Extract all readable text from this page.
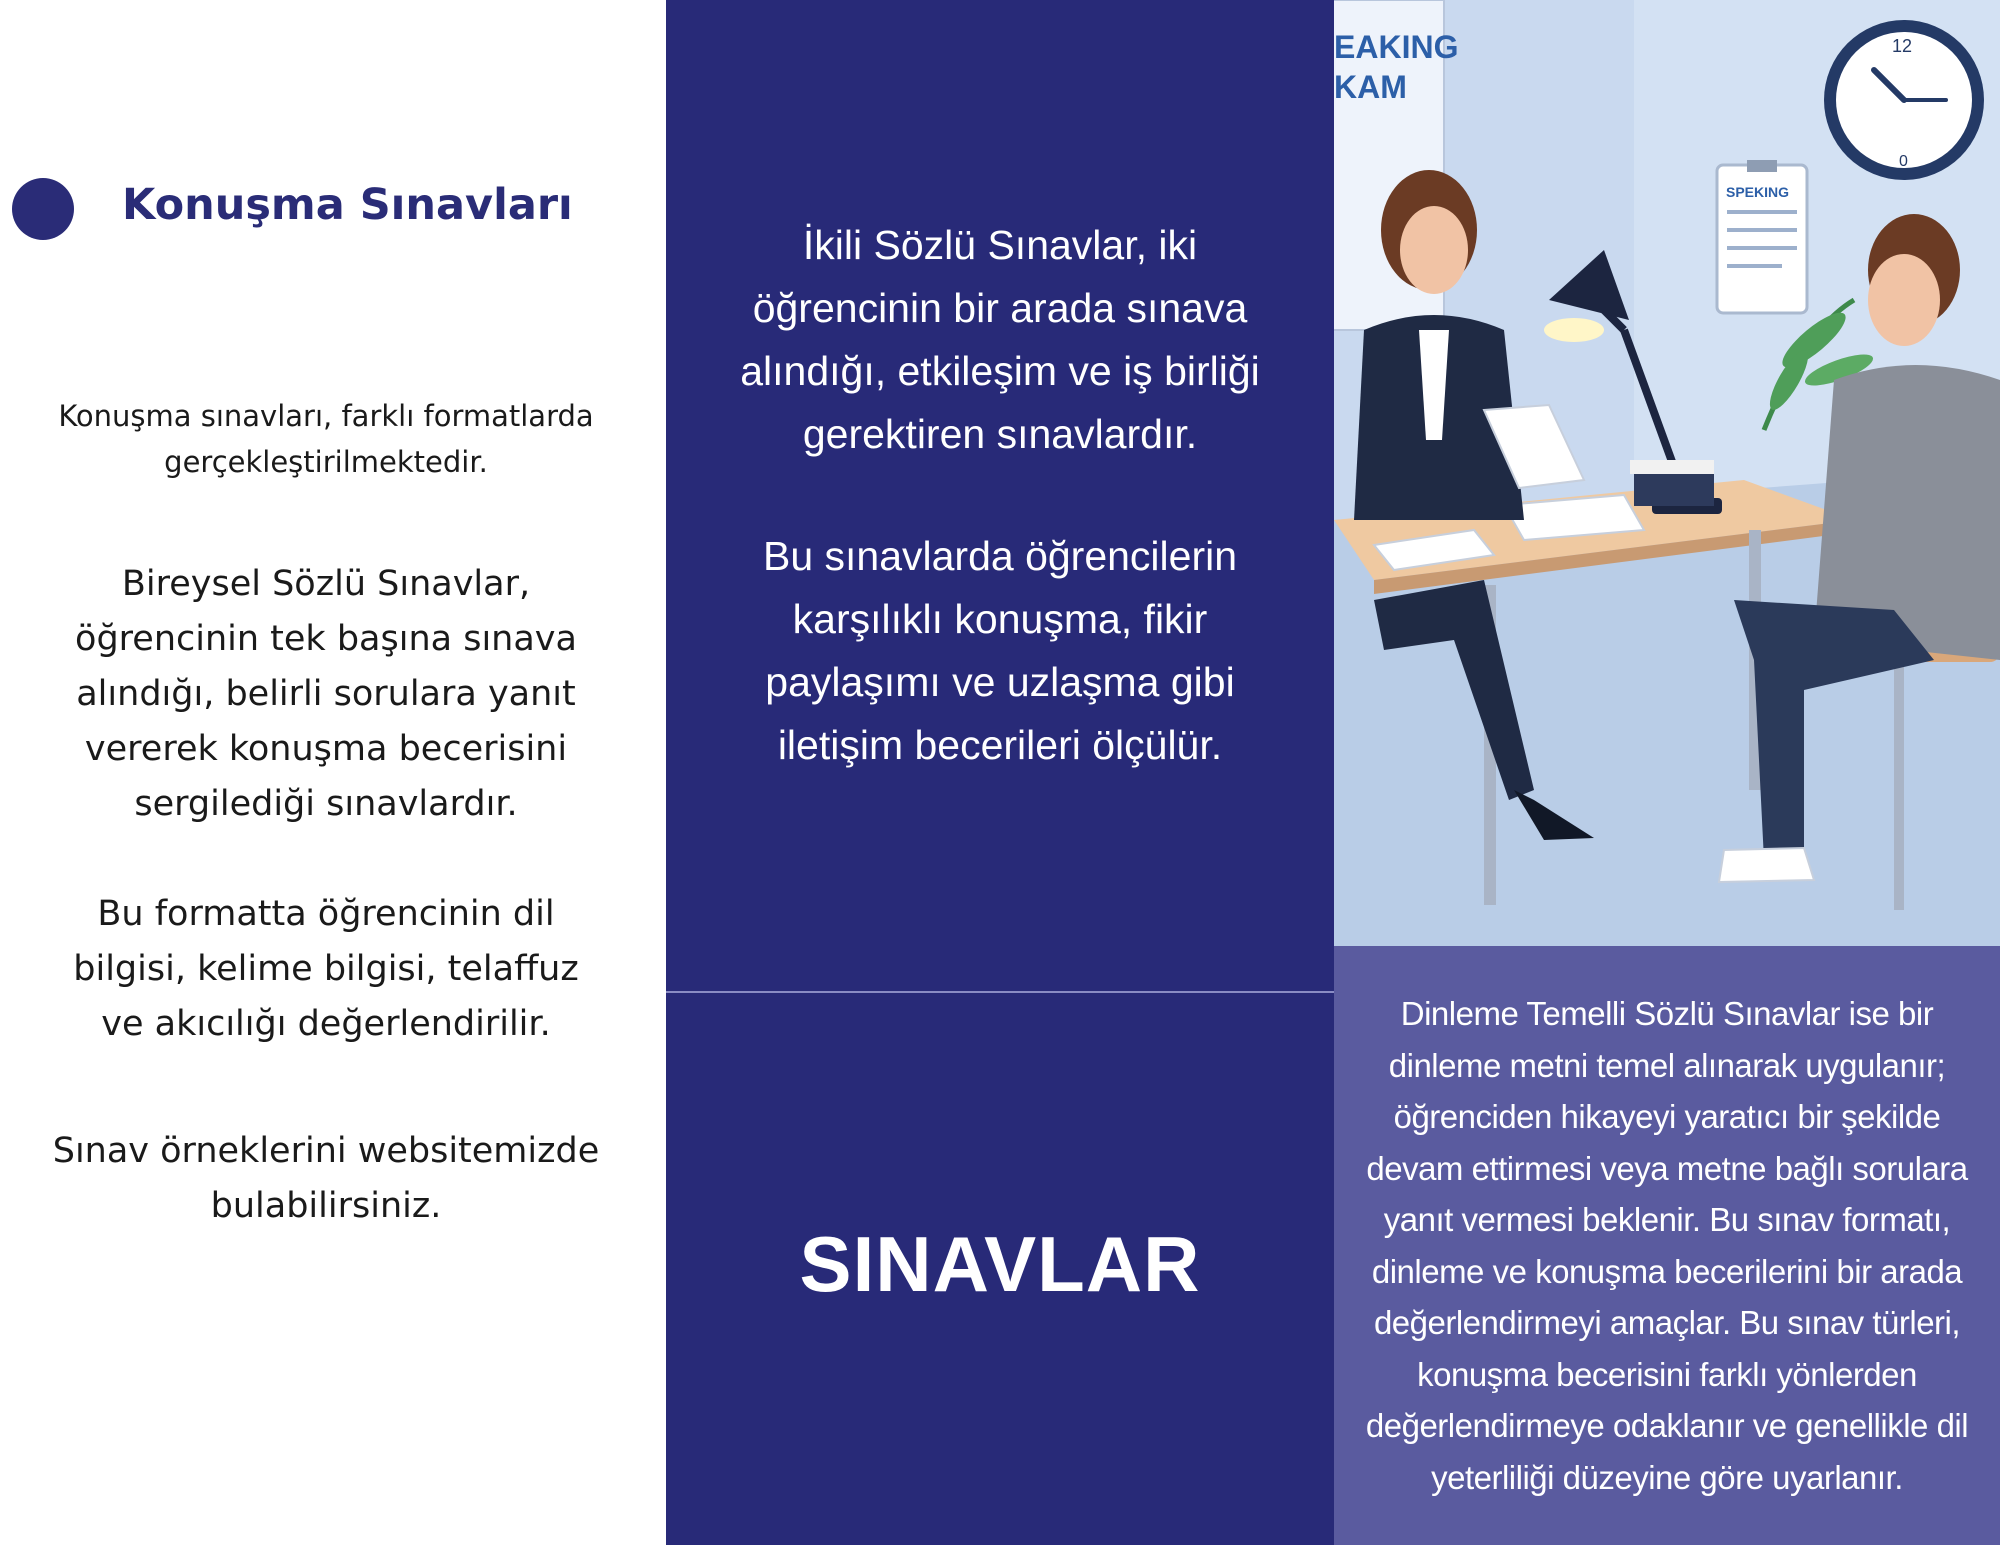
Konuşma Sınavları

Konuşma sınavları, farklı formatlarda
gerçekleştirilmektedir.

Bireysel Sözlü Sınavlar,
öğrencinin tek başına sınava
alındığı, belirli sorulara yanıt
vererek konuşma becerisini
sergilediği sınavlardır.

Bu formatta öğrencinin dil
bilgisi, kelime bilgisi, telaffuz
ve akıcılığı değerlendirilir.

Sınav örneklerini websitemizde
bulabilirsiniz.

İkili Sözlü Sınavlar, iki
öğrencinin bir arada sınava
alındığı, etkileşim ve iş birliği
gerektiren sınavlardır.

Bu sınavlarda öğrencilerin
karşılıklı konuşma, fikir
paylaşımı ve uzlaşma gibi
iletişim becerileri ölçülür.

SINAVLAR
EAKING
KAM
12
0
SPEKING

Dinleme Temelli Sözlü Sınavlar ise bir
dinleme metni temel alınarak uygulanır;
öğrenciden hikayeyi yaratıcı bir şekilde
devam ettirmesi veya metne bağlı sorulara
yanıt vermesi beklenir. Bu sınav formatı,
dinleme ve konuşma becerilerini bir arada
değerlendirmeyi amaçlar. Bu sınav türleri,
konuşma becerisini farklı yönlerden
değerlendirmeye odaklanır ve genellikle dil
yeterliliği düzeyine göre uyarlanır.
